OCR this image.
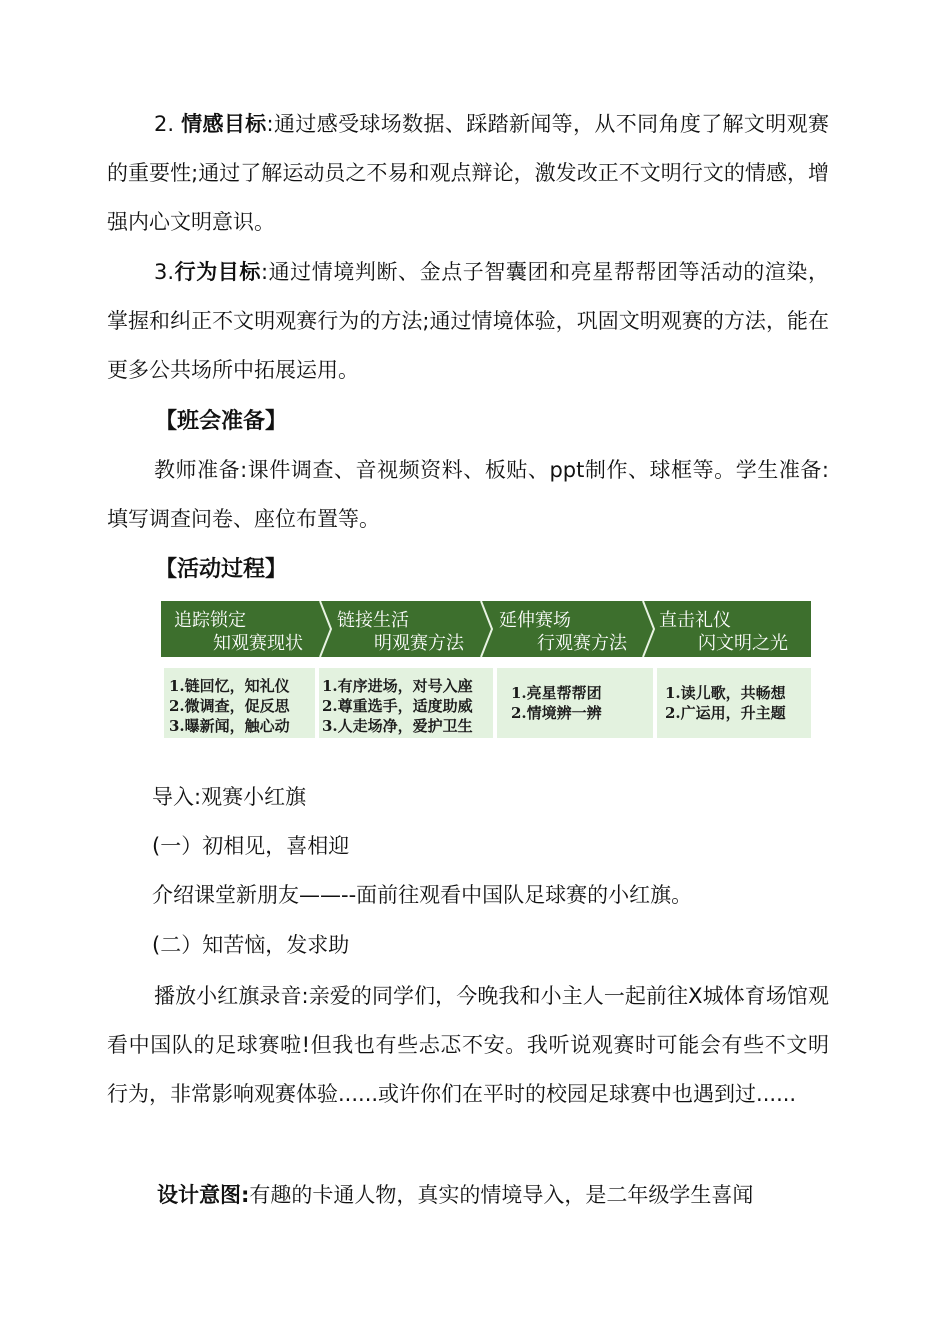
2. 情感目标:通过感受球场数据、踩踏新闻等，从不同角度了解文明观赛的重要性;通过了解运动员之不易和观点辩论，激发改正不文明行文的情感，增强内心文明意识。

3.行为目标:通过情境判断、金点子智囊团和亮星帮帮团等活动的渲染，掌握和纠正不文明观赛行为的方法;通过情境体验，巩固文明观赛的方法，能在更多公共场所中拓展运用。

【班会准备】

教师准备:课件调查、音视频资料、板贴、ppt制作、球框等。学生准备:填写调查问卷、座位布置等。

【活动过程】
追踪锁定
知观赛现状
链接生活
明观赛方法
延伸赛场
行观赛方法
直击礼仪
闪文明之光
1.链回忆，知礼仪
2.微调查，促反思
3.曝新闻，触心动
1.有序进场，对号入座
2.尊重选手，适度助威
3.人走场净，爱护卫生
1.亮星帮帮团
2.情境辨一辨
1.读儿歌，共畅想
2.广运用，升主题

导入:观赛小红旗

(一）初相见，喜相迎

介绍课堂新朋友——--面前往观看中国队足球赛的小红旗。

(二）知苦恼，发求助

播放小红旗录音:亲爱的同学们，今晚我和小主人一起前往X城体育场馆观看中国队的足球赛啦!但我也有些忐忑不安。我听说观赛时可能会有些不文明行为，非常影响观赛体验......或许你们在平时的校园足球赛中也遇到过......

设计意图:有趣的卡通人物，真实的情境导入，是二年级学生喜闻
